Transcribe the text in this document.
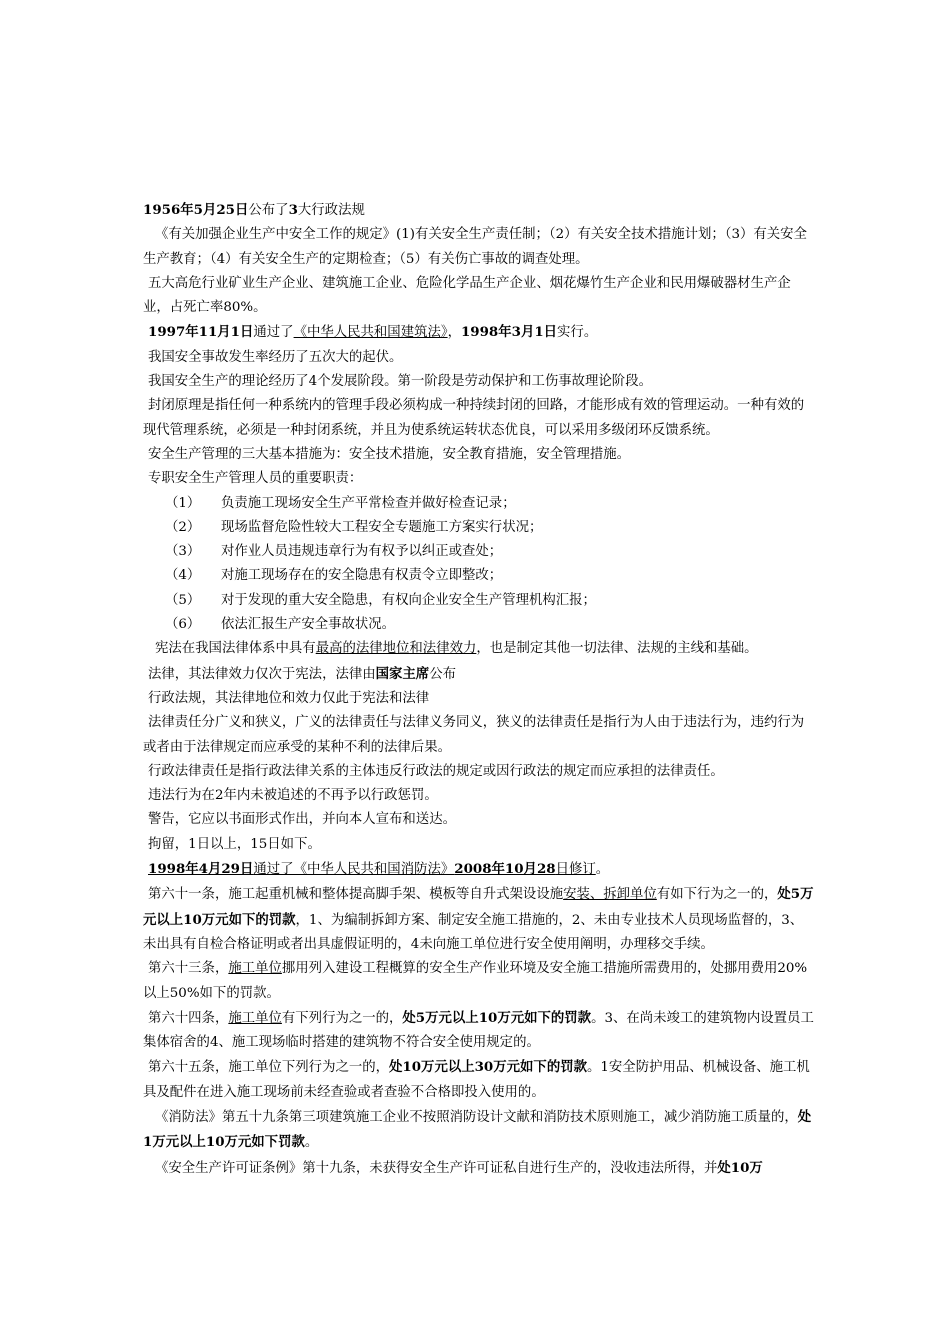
1956年5月25日公布了3大行政法规

《有关加强企业生产中安全工作的规定》(1)有关安全生产责任制；（2）有关安全技术措施计划；（3）有关安全生产教育；（4）有关安全生产的定期检查；（5）有关伤亡事故的调查处理。

五大高危行业矿业生产企业、建筑施工企业、危险化学品生产企业、烟花爆竹生产企业和民用爆破器材生产企业，占死亡率80%。

1997年11月1日通过了《中华人民共和国建筑法》，1998年3月1日实行。

我国安全事故发生率经历了五次大的起伏。

我国安全生产的理论经历了4个发展阶段。第一阶段是劳动保护和工伤事故理论阶段。

封闭原理是指任何一种系统内的管理手段必须构成一种持续封闭的回路，才能形成有效的管理运动。一种有效的现代管理系统，必须是一种封闭系统，并且为使系统运转状态优良，可以采用多级闭环反馈系统。

安全生产管理的三大基本措施为：安全技术措施，安全教育措施，安全管理措施。

专职安全生产管理人员的重要职责：

（1）	负责施工现场安全生产平常检查并做好检查记录；
（2）	现场监督危险性较大工程安全专题施工方案实行状况；
（3）	对作业人员违规违章行为有权予以纠正或查处；
（4）	对施工现场存在的安全隐患有权责令立即整改；
（5）	对于发现的重大安全隐患，有权向企业安全生产管理机构汇报；
（6）	依法汇报生产安全事故状况。

宪法在我国法律体系中具有最高的法律地位和法律效力，也是制定其他一切法律、法规的主线和基础。

法律，其法律效力仅次于宪法，法律由国家主席公布

行政法规，其法律地位和效力仅此于宪法和法律

法律责任分广义和狭义，广义的法律责任与法律义务同义，狭义的法律责任是指行为人由于违法行为，违约行为或者由于法律规定而应承受的某种不利的法律后果。

行政法律责任是指行政法律关系的主体违反行政法的规定或因行政法的规定而应承担的法律责任。

违法行为在2年内未被追述的不再予以行政惩罚。

警告，它应以书面形式作出，并向本人宣布和送达。

拘留，1日以上，15日如下。

1998年4月29日通过了《中华人民共和国消防法》2008年10月28日修订。

第六十一条，施工起重机械和整体提高脚手架、模板等自升式架设设施安装、拆卸单位有如下行为之一的，处5万元以上10万元如下的罚款，1、为编制拆卸方案、制定安全施工措施的，2、未由专业技术人员现场监督的，3、未出具有自检合格证明或者出具虚假证明的，4未向施工单位进行安全使用阐明，办理移交手续。

第六十三条，施工单位挪用列入建设工程概算的安全生产作业环境及安全施工措施所需费用的，处挪用费用20%以上50%如下的罚款。

第六十四条，施工单位有下列行为之一的，处5万元以上10万元如下的罚款。3、在尚未竣工的建筑物内设置员工集体宿舍的4、施工现场临时搭建的建筑物不符合安全使用规定的。

第六十五条，施工单位下列行为之一的，处10万元以上30万元如下的罚款。1安全防护用品、机械设备、施工机具及配件在进入施工现场前未经查验或者查验不合格即投入使用的。

《消防法》第五十九条第三项建筑施工企业不按照消防设计文献和消防技术原则施工，减少消防施工质量的，处1万元以上10万元如下罚款。

《安全生产许可证条例》第十九条，未获得安全生产许可证私自进行生产的，没收违法所得，并处10万
